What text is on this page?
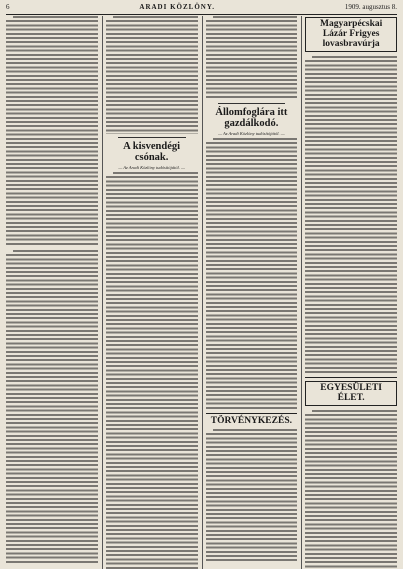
6	ARADI KÖZLÖNY.	1909. augusztus 8.
A kisvendégi csónak.
— Az Aradi Közlöny tudósítójától. —
Állomfoglára itt gazdálkodó.
— Az Aradi Közlöny tudósítójától. —
TÖRVÉNYKEZÉS.
Magyarpécskai Lázár Frigyes lovasbravúrja
EGYESÜLETI ÉLET.
